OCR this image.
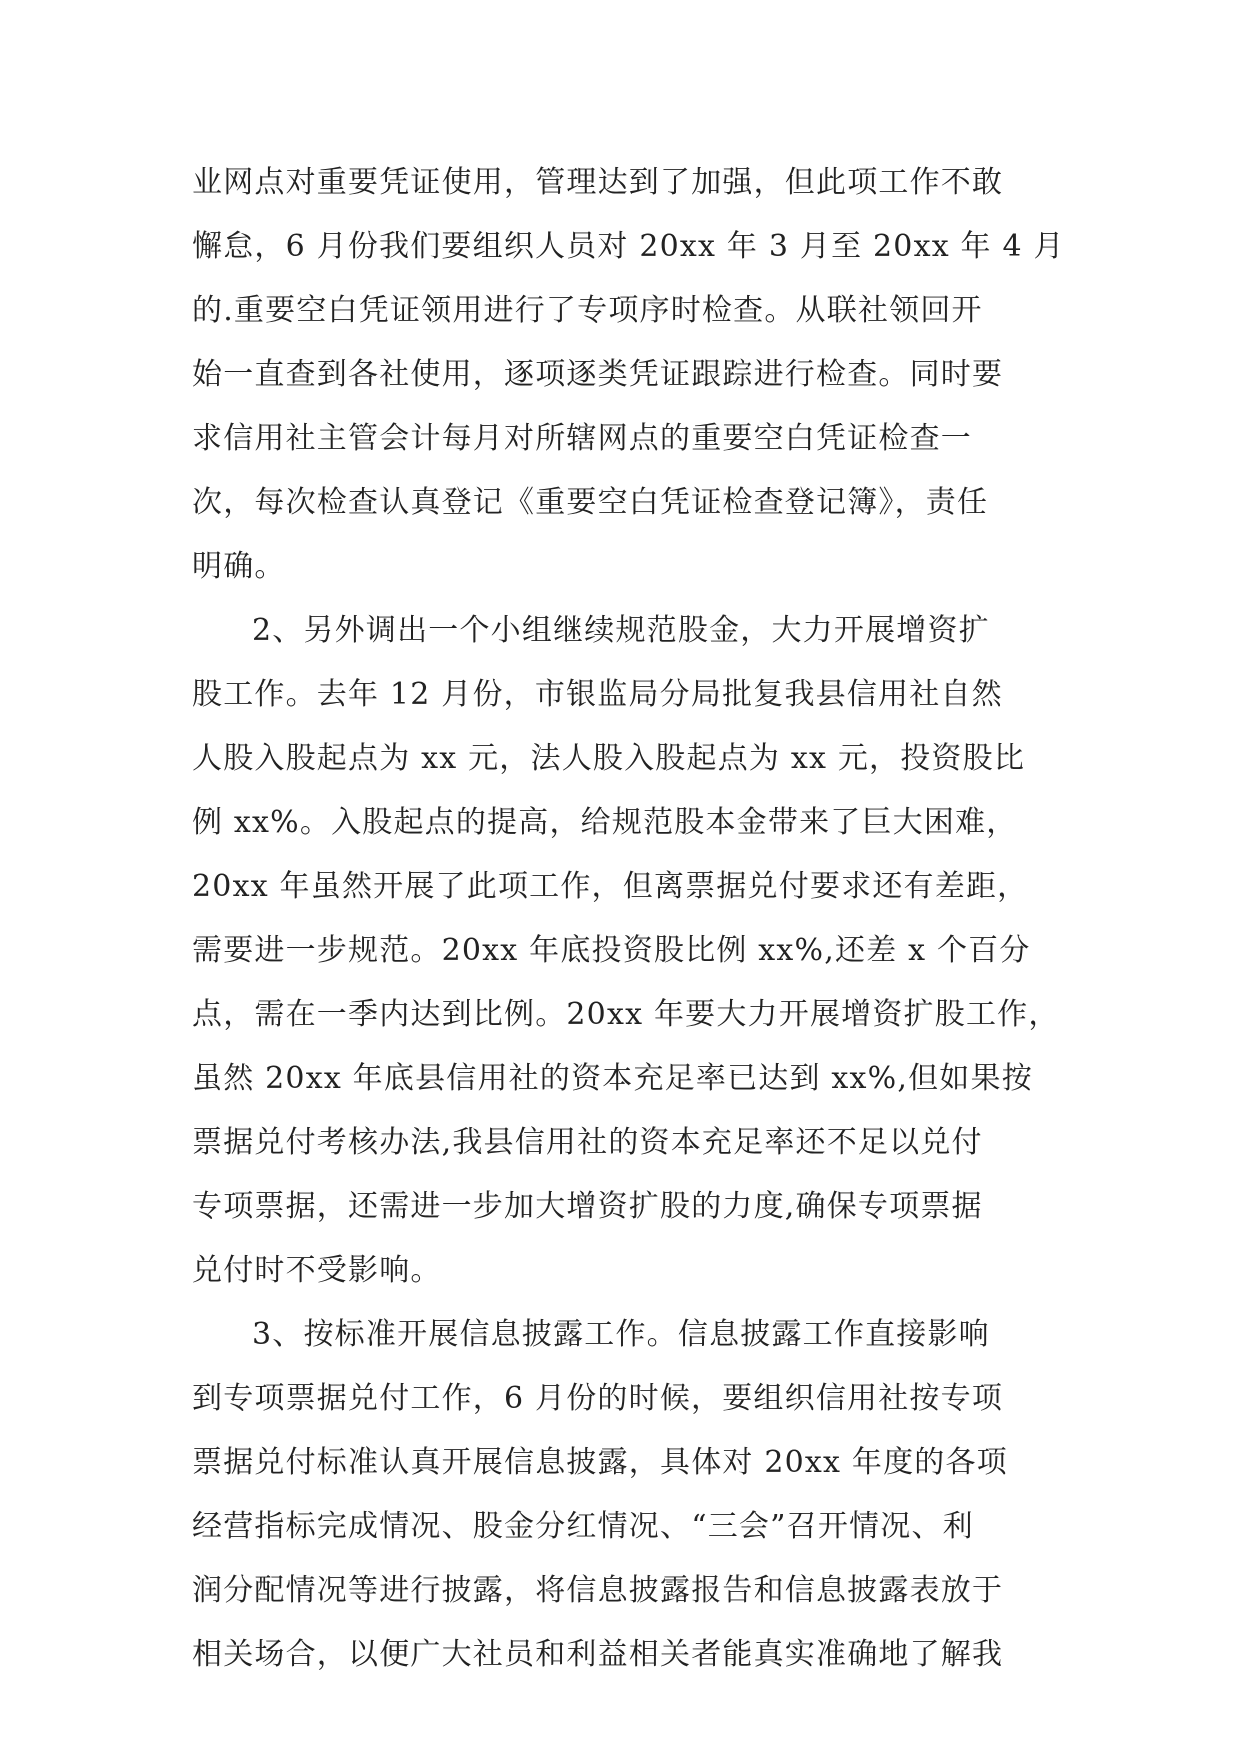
业网点对重要凭证使用，管理达到了加强，但此项工作不敢
懈怠，6 月份我们要组织人员对 20xx 年 3 月至 20xx 年 4 月
的.重要空白凭证领用进行了专项序时检查。从联社领回开
始一直查到各社使用，逐项逐类凭证跟踪进行检查。同时要
求信用社主管会计每月对所辖网点的重要空白凭证检查一
次，每次检查认真登记《重要空白凭证检查登记簿》，责任
明确。
2、另外调出一个小组继续规范股金，大力开展增资扩
股工作。去年 12 月份，市银监局分局批复我县信用社自然
人股入股起点为 xx 元，法人股入股起点为 xx 元，投资股比
例 xx%。入股起点的提高，给规范股本金带来了巨大困难，
20xx 年虽然开展了此项工作，但离票据兑付要求还有差距，
需要进一步规范。20xx 年底投资股比例 xx%,还差 x 个百分
点，需在一季内达到比例。20xx 年要大力开展增资扩股工作，
虽然 20xx 年底县信用社的资本充足率已达到 xx%,但如果按
票据兑付考核办法,我县信用社的资本充足率还不足以兑付
专项票据，还需进一步加大增资扩股的力度,确保专项票据
兑付时不受影响。
3、按标准开展信息披露工作。信息披露工作直接影响
到专项票据兑付工作，6 月份的时候，要组织信用社按专项
票据兑付标准认真开展信息披露，具体对 20xx 年度的各项
经营指标完成情况、股金分红情况、“三会”召开情况、利
润分配情况等进行披露，将信息披露报告和信息披露表放于
相关场合，以便广大社员和利益相关者能真实准确地了解我
